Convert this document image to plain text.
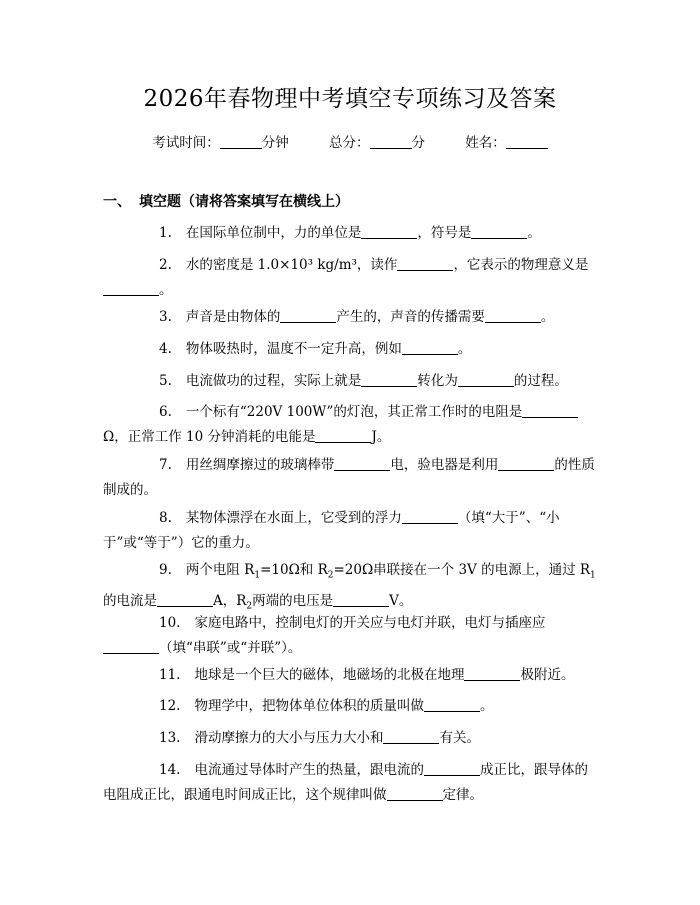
2026年春物理中考填空专项练习及答案
考试时间：	分钟	总分：	分	姓名：
一、 填空题（请将答案填写在横线上）
1. 在国际单位制中，力的单位是	，符号是	。
2. 水的密度是 1.0×10³ kg/m³，读作	，它表示的物理意义是。
3. 声音是由物体的	产生的，声音的传播需要	。
4. 物体吸热时，温度不一定升高，例如	。
5. 电流做功的过程，实际上就是	转化为	的过程。
6. 一个标有“220V 100W”的灯泡，其正常工作时的电阻是Ω，正常工作 10 分钟消耗的电能是	J。
7. 用丝绸摩擦过的玻璃棒带	电，验电器是利用	的性质制成的。
8. 某物体漂浮在水面上，它受到的浮力	（填“大于”、“小于”或“等于”）它的重力。
9. 两个电阻 $R_1=10\Omega$和 $R_2=20\Omega$串联接在一个 3V 的电源上，通过 $R_1$的电流是	A，$R_2$两端的电压是	V。
10. 家庭电路中，控制电灯的开关应与电灯并联，电灯与插座应（填“串联”或“并联”）。
11. 地球是一个巨大的磁体，地磁场的北极在地理	极附近。
12. 物理学中，把物体单位体积的质量叫做	。
13. 滑动摩擦力的大小与压力大小和	有关。
14. 电流通过导体时产生的热量，跟电流的	成正比，跟导体的电阻成正比，跟通电时间成正比，这个规律叫做	定律。
